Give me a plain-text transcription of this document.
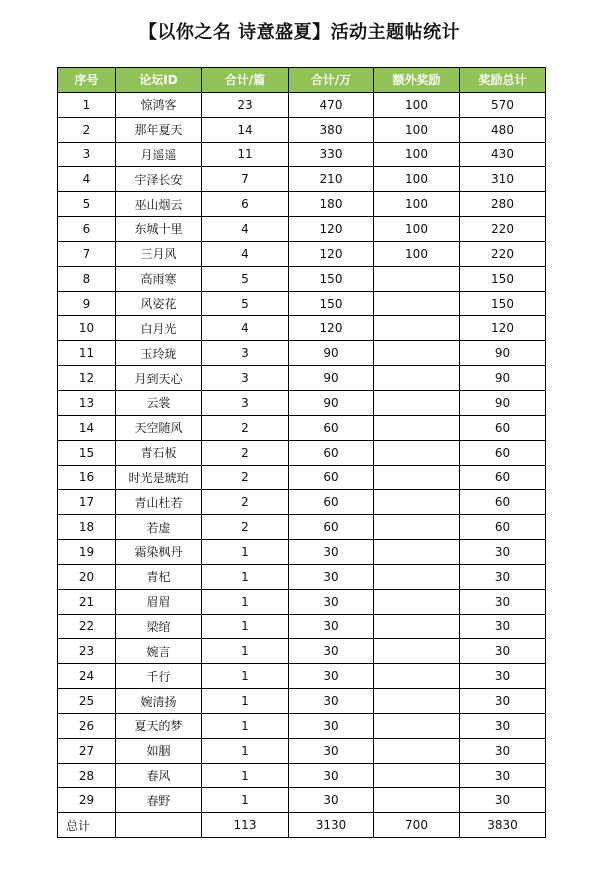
【以你之名 诗意盛夏】活动主题帖统计
序号	论坛ID	合计/篇	合计/万	额外奖励	奖励总计
1	惊鸿客	23	470	100	570
2	那年夏天	14	380	100	480
3	月遥遥	11	330	100	430
4	宇泽长安	7	210	100	310
5	巫山烟云	6	180	100	280
6	东城十里	4	120	100	220
7	三月风	4	120	100	220
8	高雨寒	5	150		150
9	风姿花	5	150		150
10	白月光	4	120		120
11	玉玲珑	3	90		90
12	月到天心	3	90		90
13	云裳	3	90		90
14	天空随风	2	60		60
15	青石板	2	60		60
16	时光是琥珀	2	60		60
17	青山杜若	2	60		60
18	若虚	2	60		60
19	霜染枫丹	1	30		30
20	青杞	1	30		30
21	眉眉	1	30		30
22	梁绾	1	30		30
23	婉言	1	30		30
24	千行	1	30		30
25	婉清扬	1	30		30
26	夏天的梦	1	30		30
27	如胭	1	30		30
28	春风	1	30		30
29	春野	1	30		30
总计		113	3130	700	3830
